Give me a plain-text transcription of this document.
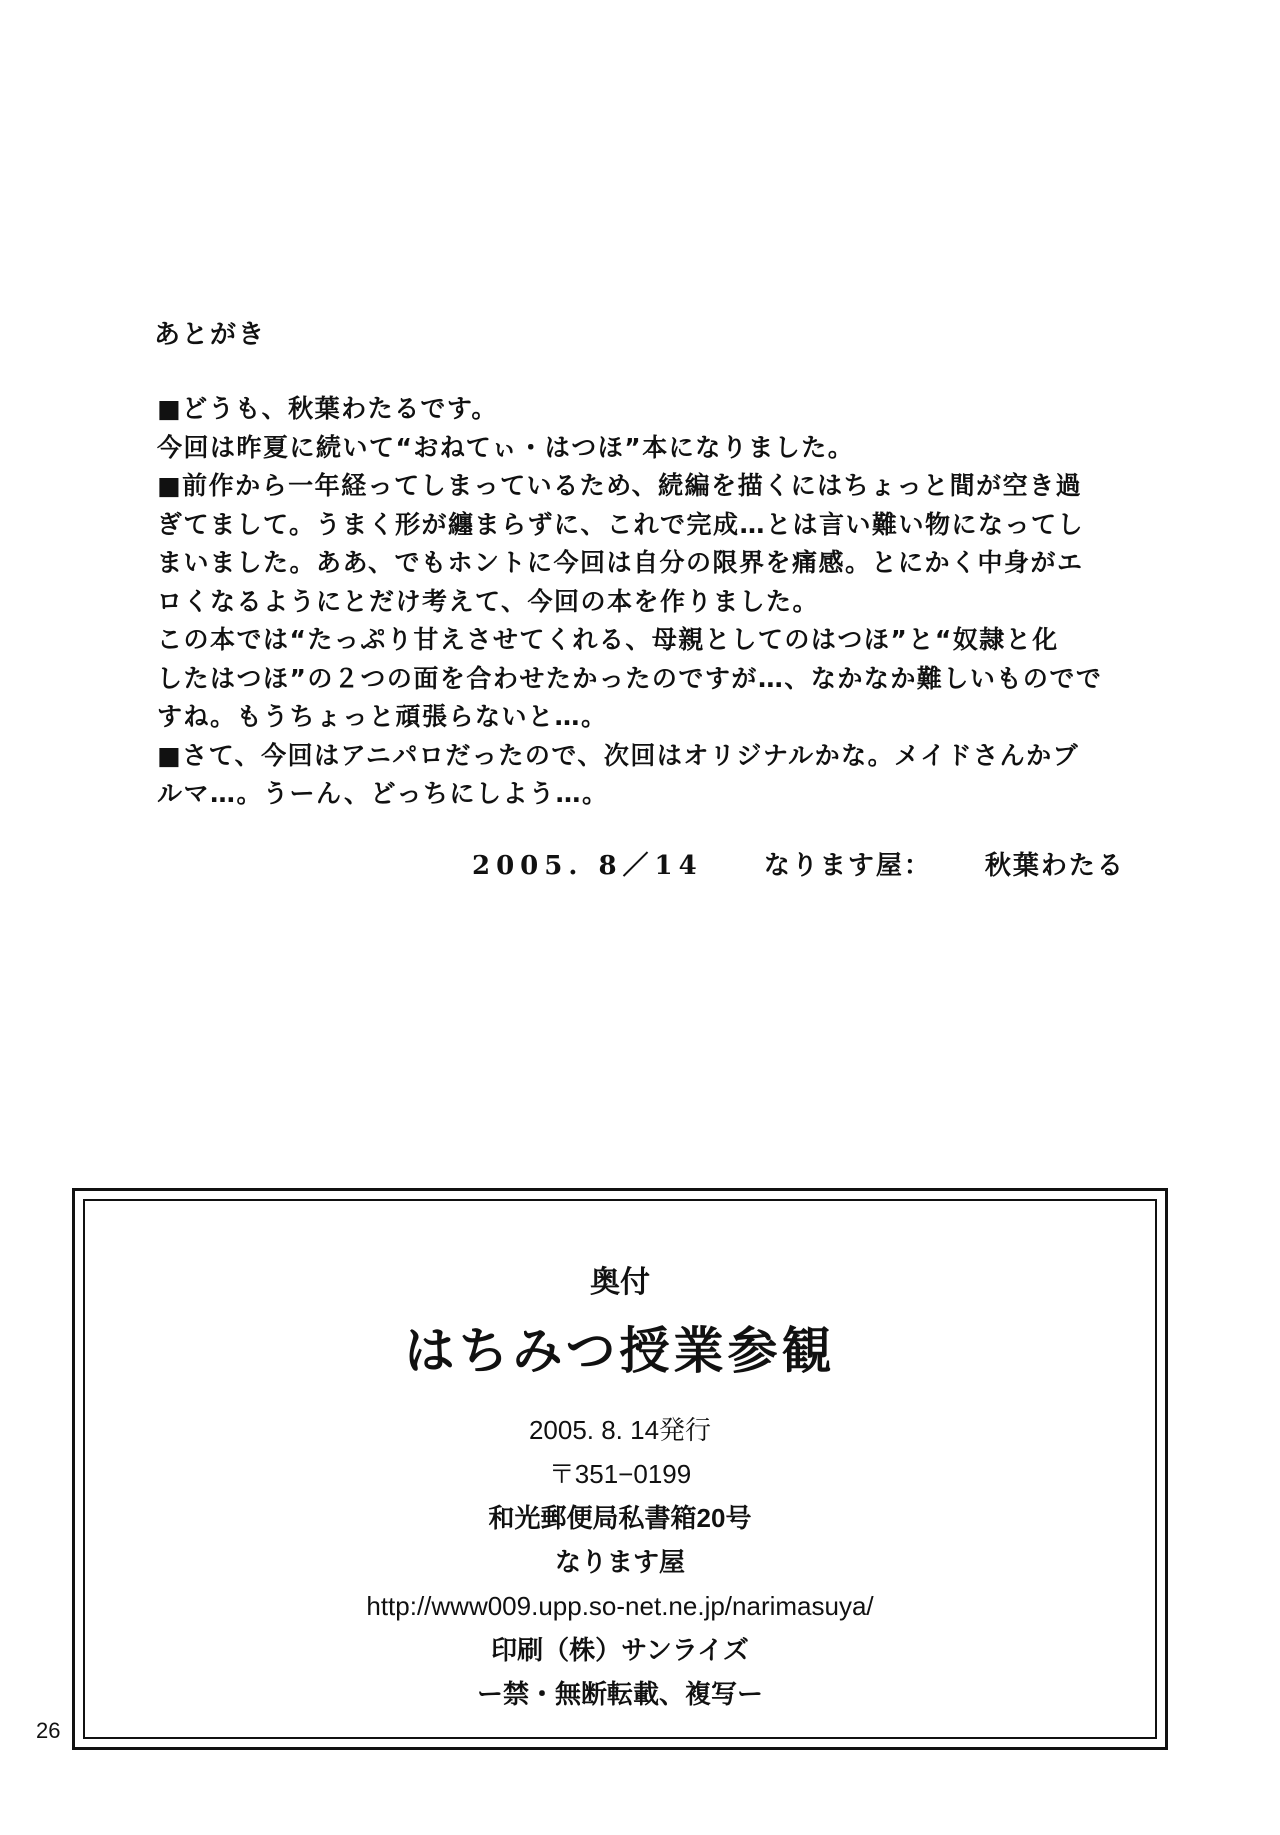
あとがき
■どうも、秋葉わたるです。
今回は昨夏に続いて“おねてぃ・はつほ”本になりました。
■前作から一年経ってしまっているため、続編を描くにはちょっと間が空き過
ぎてまして。うまく形が纏まらずに、これで完成…とは言い難い物になってし
まいました。ああ、でもホントに今回は自分の限界を痛感。とにかく中身がエ
ロくなるようにとだけ考えて、今回の本を作りました。
この本では“たっぷり甘えさせてくれる、母親としてのはつほ”と“奴隷と化
したはつほ”の２つの面を合わせたかったのですが…、なかなか難しいものでで
すね。もうちょっと頑張らないと…。
■さて、今回はアニパロだったので、次回はオリジナルかな。メイドさんかブ
ルマ…。うーん、どっちにしよう…。
2005. 8／14 なります屋： 秋葉わたる
奥付
はちみつ授業参観
2005. 8. 14発行
〒351−0199
和光郵便局私書箱20号
なります屋
http://www009.upp.so-net.ne.jp/narimasuya/
印刷（株）サンライズ
ー禁・無断転載、複写ー
26
